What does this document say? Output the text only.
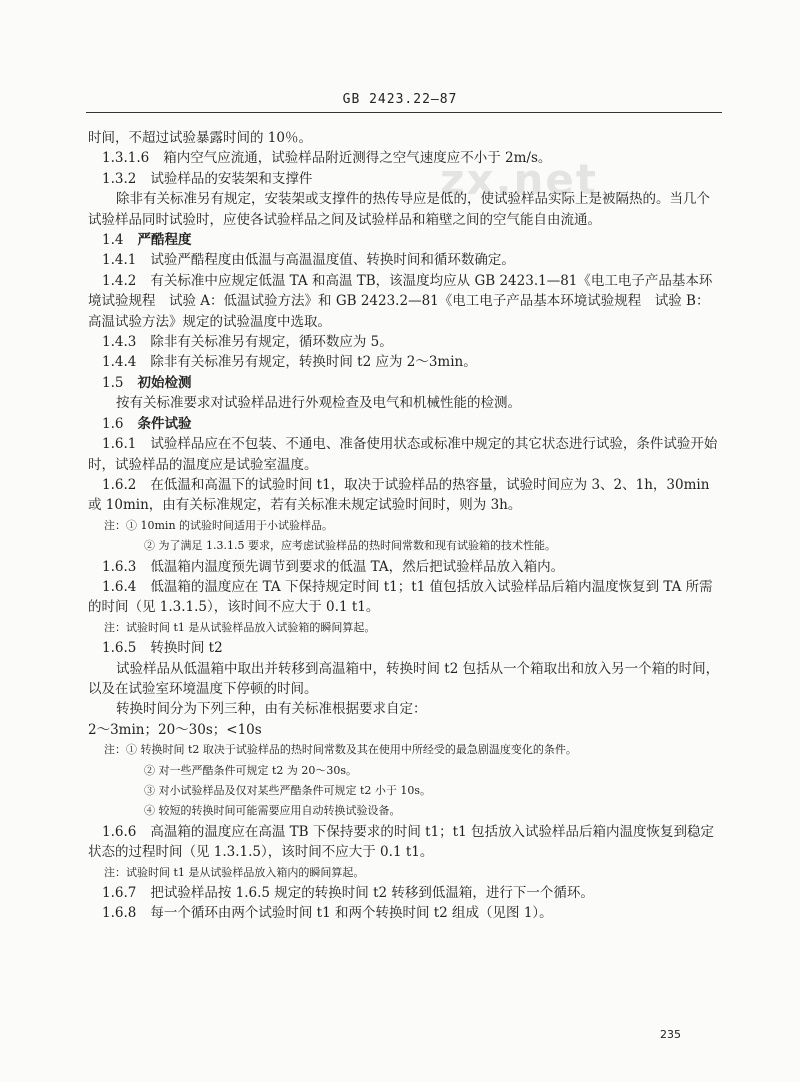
zx.net
GB 2423.22—87

时间，不超过试验暴露时间的 10％。

1.3.1.6 箱内空气应流通，试验样品附近测得之空气速度应不小于 2m/s。

1.3.2 试验样品的安装架和支撑件

除非有关标准另有规定，安装架或支撑件的热传导应是低的，使试验样品实际上是被隔热的。当几个试验样品同时试验时，应使各试验样品之间及试验样品和箱壁之间的空气能自由流通。

1.4 严酷程度

1.4.1 试验严酷程度由低温与高温温度值、转换时间和循环数确定。

1.4.2 有关标准中应规定低温 TA 和高温 TB，该温度均应从 GB 2423.1—81《电工电子产品基本环境试验规程　试验 A：低温试验方法》和 GB 2423.2—81《电工电子产品基本环境试验规程　试验 B：高温试验方法》规定的试验温度中选取。

1.4.3 除非有关标准另有规定，循环数应为 5。

1.4.4 除非有关标准另有规定，转换时间 t2 应为 2～3min。

1.5 初始检测

按有关标准要求对试验样品进行外观检查及电气和机械性能的检测。

1.6 条件试验

1.6.1 试验样品应在不包装、不通电、准备使用状态或标准中规定的其它状态进行试验，条件试验开始时，试验样品的温度应是试验室温度。

1.6.2 在低温和高温下的试验时间 t1，取决于试验样品的热容量，试验时间应为 3、2、1h，30min 或 10min，由有关标准规定，若有关标准未规定试验时间时，则为 3h。

注：① 10min 的试验时间适用于小试验样品。

② 为了满足 1.3.1.5 要求，应考虑试验样品的热时间常数和现有试验箱的技术性能。

1.6.3 低温箱内温度预先调节到要求的低温 TA，然后把试验样品放入箱内。

1.6.4 低温箱的温度应在 TA 下保持规定时间 t1；t1 值包括放入试验样品后箱内温度恢复到 TA 所需的时间（见 1.3.1.5），该时间不应大于 0.1 t1。

注：试验时间 t1 是从试验样品放入试验箱的瞬间算起。

1.6.5 转换时间 t2

试验样品从低温箱中取出并转移到高温箱中，转换时间 t2 包括从一个箱取出和放入另一个箱的时间，以及在试验室环境温度下停顿的时间。

转换时间分为下列三种，由有关标准根据要求自定：

2～3min；20～30s；<10s

注：① 转换时间 t2 取决于试验样品的热时间常数及其在使用中所经受的最急剧温度变化的条件。

② 对一些严酷条件可规定 t2 为 20～30s。

③ 对小试验样品及仅对某些严酷条件可规定 t2 小于 10s。

④ 较短的转换时间可能需要应用自动转换试验设备。

1.6.6 高温箱的温度应在高温 TB 下保持要求的时间 t1；t1 包括放入试验样品后箱内温度恢复到稳定状态的过程时间（见 1.3.1.5），该时间不应大于 0.1 t1。

注：试验时间 t1 是从试验样品放入箱内的瞬间算起。

1.6.7 把试验样品按 1.6.5 规定的转换时间 t2 转移到低温箱，进行下一个循环。

1.6.8 每一个循环由两个试验时间 t1 和两个转换时间 t2 组成（见图 1）。

235
